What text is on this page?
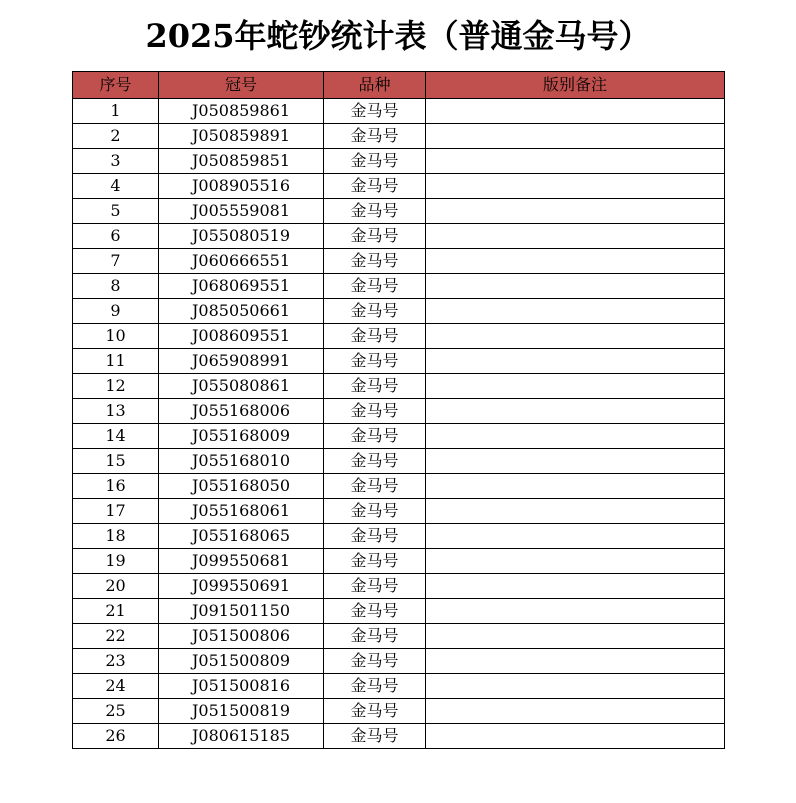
2025年蛇钞统计表（普通金马号）
序号	冠号	品种	版别备注
1	J050859861	金马号	
2	J050859891	金马号	
3	J050859851	金马号	
4	J008905516	金马号	
5	J005559081	金马号	
6	J055080519	金马号	
7	J060666551	金马号	
8	J068069551	金马号	
9	J085050661	金马号	
10	J008609551	金马号	
11	J065908991	金马号	
12	J055080861	金马号	
13	J055168006	金马号	
14	J055168009	金马号	
15	J055168010	金马号	
16	J055168050	金马号	
17	J055168061	金马号	
18	J055168065	金马号	
19	J099550681	金马号	
20	J099550691	金马号	
21	J091501150	金马号	
22	J051500806	金马号	
23	J051500809	金马号	
24	J051500816	金马号	
25	J051500819	金马号	
26	J080615185	金马号	
